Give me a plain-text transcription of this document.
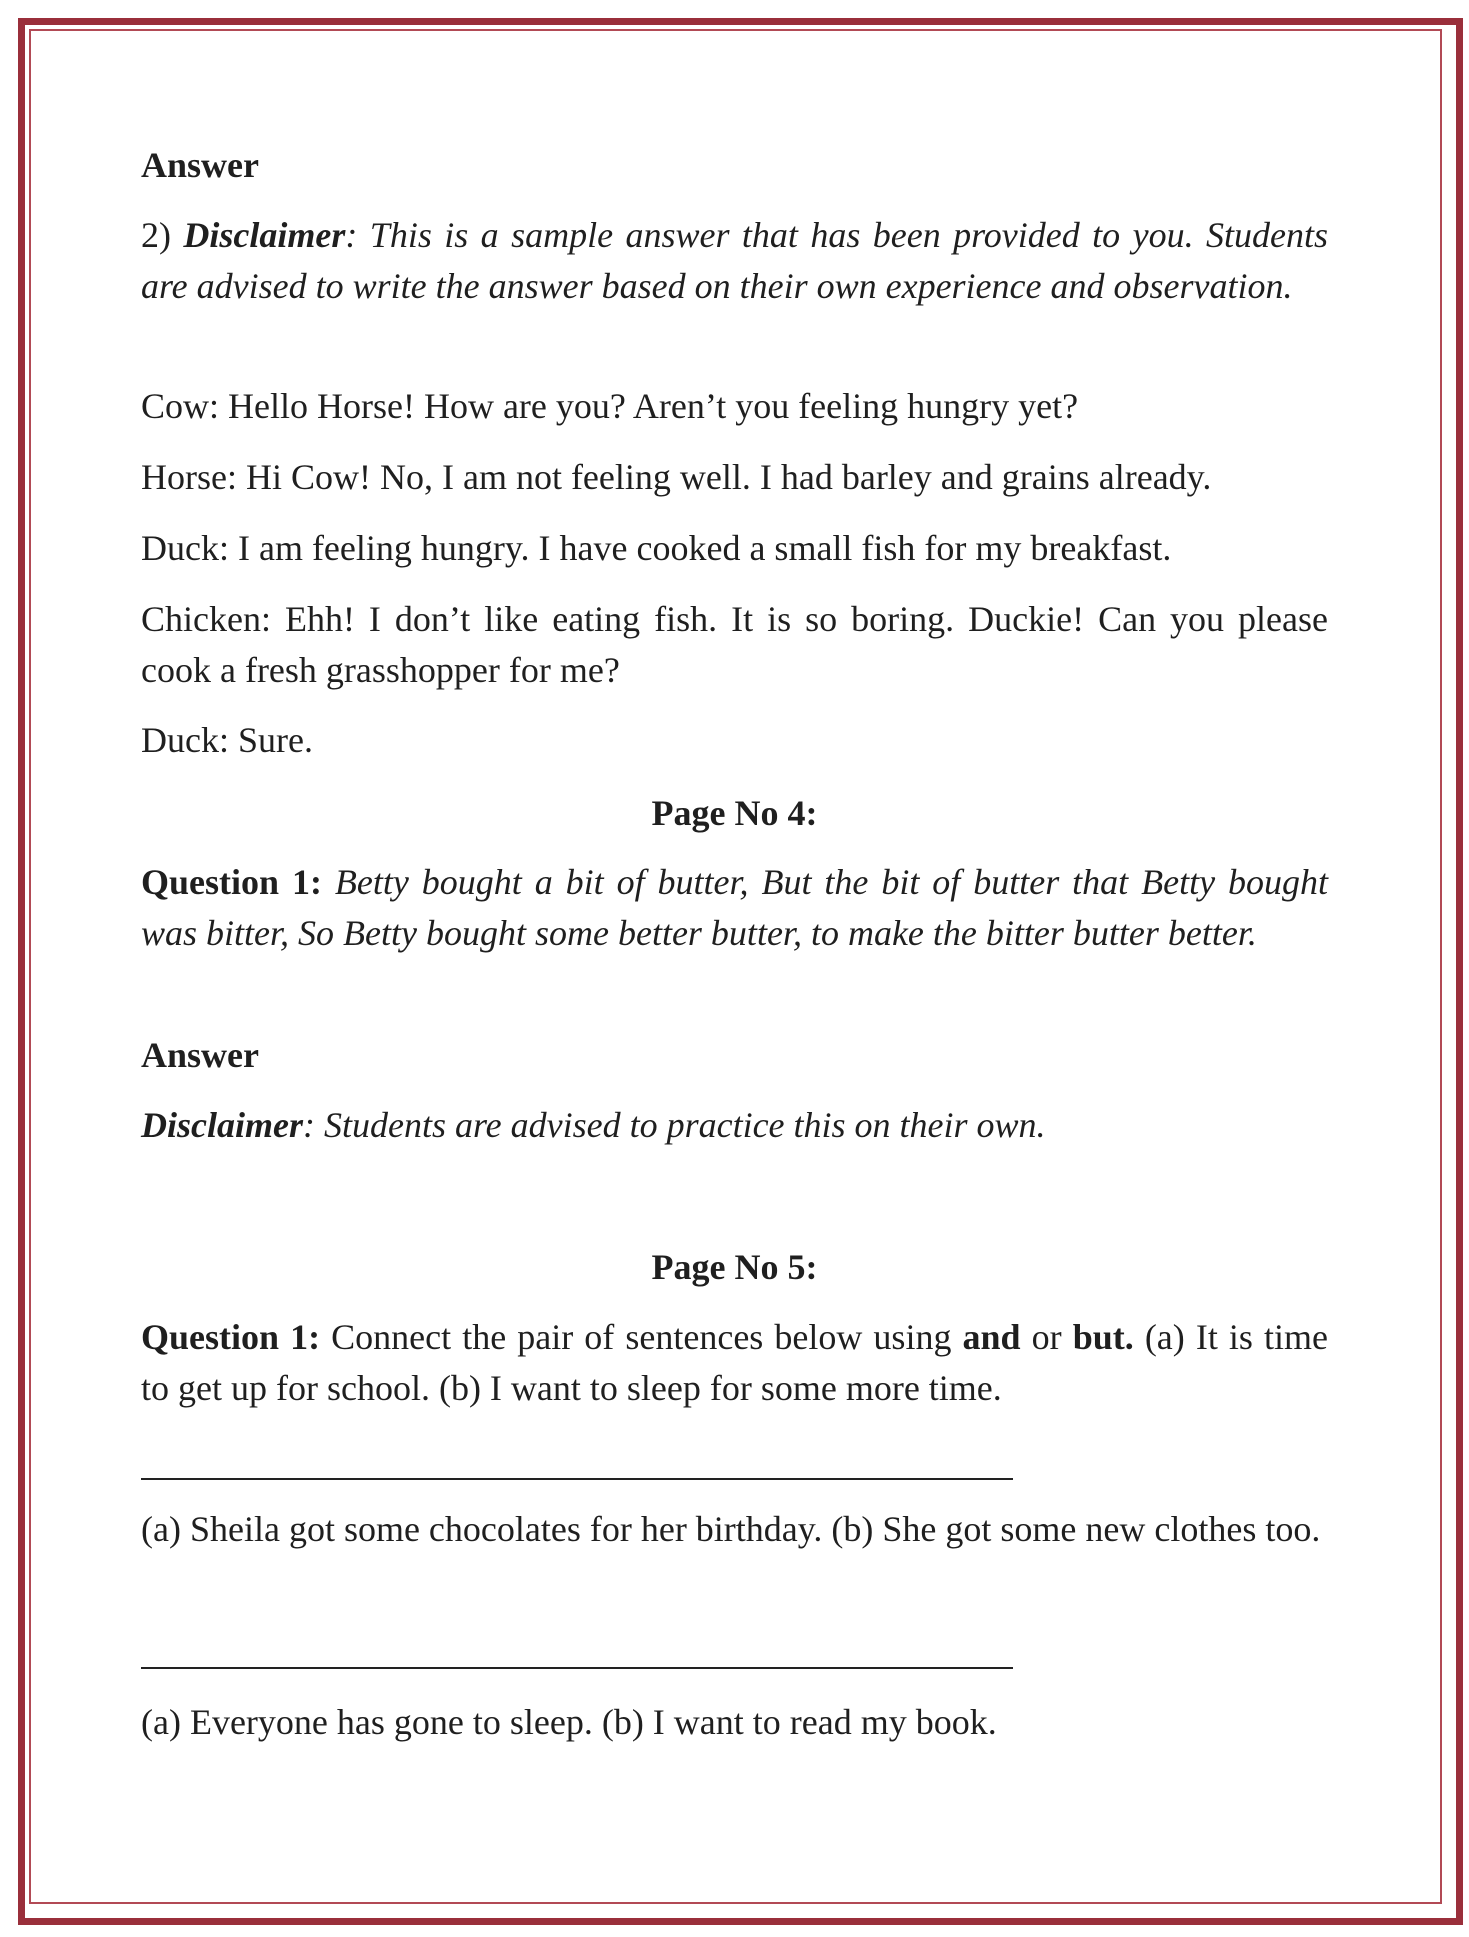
Answer
2) Disclaimer: This is a sample answer that has been provided to you. Students are advised to write the answer based on their own experience and observation.
Cow: Hello Horse! How are you? Aren’t you feeling hungry yet?
Horse: Hi Cow! No, I am not feeling well. I had barley and grains already.
Duck: I am feeling hungry. I have cooked a small fish for my breakfast.
Chicken: Ehh! I don’t like eating fish. It is so boring. Duckie! Can you please cook a fresh grasshopper for me?
Duck: Sure.
Page No 4:
Question 1: Betty bought a bit of butter, But the bit of butter that Betty bought was bitter, So Betty bought some better butter, to make the bitter butter better.
Answer
Disclaimer: Students are advised to practice this on their own.
Page No 5:
Question 1: Connect the pair of sentences below using and or but. (a) It is time to get up for school. (b) I want to sleep for some more time.
(a) Sheila got some chocolates for her birthday. (b) She got some new clothes too.
(a) Everyone has gone to sleep. (b) I want to read my book.
